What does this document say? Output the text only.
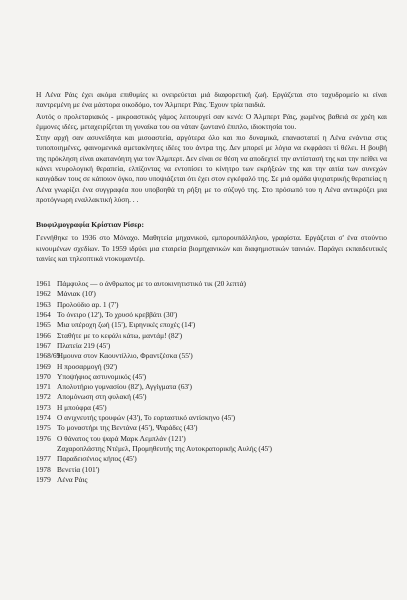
Η Λένα Ράις έχει ακόμα επιθυμίες κι ονειρεύεται μιά διαφορετική ζωή. Εργάζεται στο ταχυδρομείο κι είναι παντρεμένη με ένα μάστορα οικοδόμο, τον Άλμπερτ Ράις. Έχουν τρία παιδιά.

Αυτός ο προλεταριακός - μικροαστικός γάμος λειτουργεί σαν κενό: Ο Άλμπερτ Ράις, χωμένος βαθειά σε χρέη και έμμονες ιδέες, μεταχειρίζεται τη γυναίκα του σα νάταν ζωντανό έπιπλο, ιδιοκτησία του.

Στην αρχή σαν ασυνείδητα και μισοαστεία, αργότερα όλο και πιο δυναμικά, επαναστατεί η Λένα ενάντια στις τυποποιημένες, φαινομενικά αμετακίνητες ιδέες του άντρα της. Δεν μπορεί με λόγια να εκφράσει τί θέλει. Η βουβή της πρόκληση είναι ακατανόητη για τον Άλμπερτ. Δεν είναι σε θέση να αποδεχτεί την αντίστασή της και την πείθει να κάνει νευρολογική θεραπεία, ελπίζοντας να εντοπίσει το κίνητρο των εκρήξεών της και την αιτία των συνεχών καυγάδων τους σε κάποιον όγκο, που υποψιάζεται ότι έχει στον εγκέφαλό της. Σε μιά ομάδα ψυχιατρικής θεραπείας η Λένα γνωρίζει ένα συγγραφέα που υποβοηθά τη ρήξη με το σύζυγό της. Στο πρόσωπό του η Λένα αντικρύζει μια προτόγνωρη εναλλακτική λύση. . .

Βιοφιλμογραφία Κρίστιαν Ρίσερ:

Γεννήθηκε το 1936 στο Μόναχο. Μαθητεία μηχανικού, εμπορουπάλληλου, γραφίστα. Εργάζεται σ' ένα στούντιο κινουμένων σχεδίων. Το 1959 ιδρύει μια εταιρεία βιομηχανικών και διαφημιστικών ταινιών. Παράγει εκπαιδευτικές ταινίες και τηλεοπτικά ντοκυμαντέρ.

1961 Πάμφυλος — ο άνθρωπος με το αυτοκινητιστικό τικ (20 λεπτά)
1962 Μάνιακ (10')
1963 Προλούδιο αρ. 1 (7')
1964 Το όνειρο (12'), Το χρυσό κρεββάτι (30')
1965 Μια υπέροχη ζωή (15'), Ειρηνικές εποχές (14')
1966 Σταθήτε με το κεφάλι κάτω, μαντάμ! (82')
1967 Πλατεία 219 (45')
1968/69Ήμουνα στον Καουντίλλιο, Φραντζέσκα (55')
1969 Η προσαρμογή (92')
1970 Υποψήφιος αστυνομικός (45')
1971 Απολυτήριο γυμνασίου (82'), Αγγίγματα (63')
1972 Απομόνωση στη φυλακή (45')
1973 Η μπούφρα (45')
1974 Ο ανιχνευτής τρουφών (43'), Το εορταστικό αντίσκηνο (45')
1975 Το μοναστήρι της Βεντάνα (45'), Ψαράδες (43')
1976 Ο θάνατος του ψαρά Μαρκ Λεμπλάν (121')
Ζαχαροπλάστης Ντέμελ, Προμηθευτής της Αυτοκρατορικής Αυλής (45')
1977 Παραδεισένιος κήπος (45')
1978 Βενετία (101')
1979 Λένα Ράις
